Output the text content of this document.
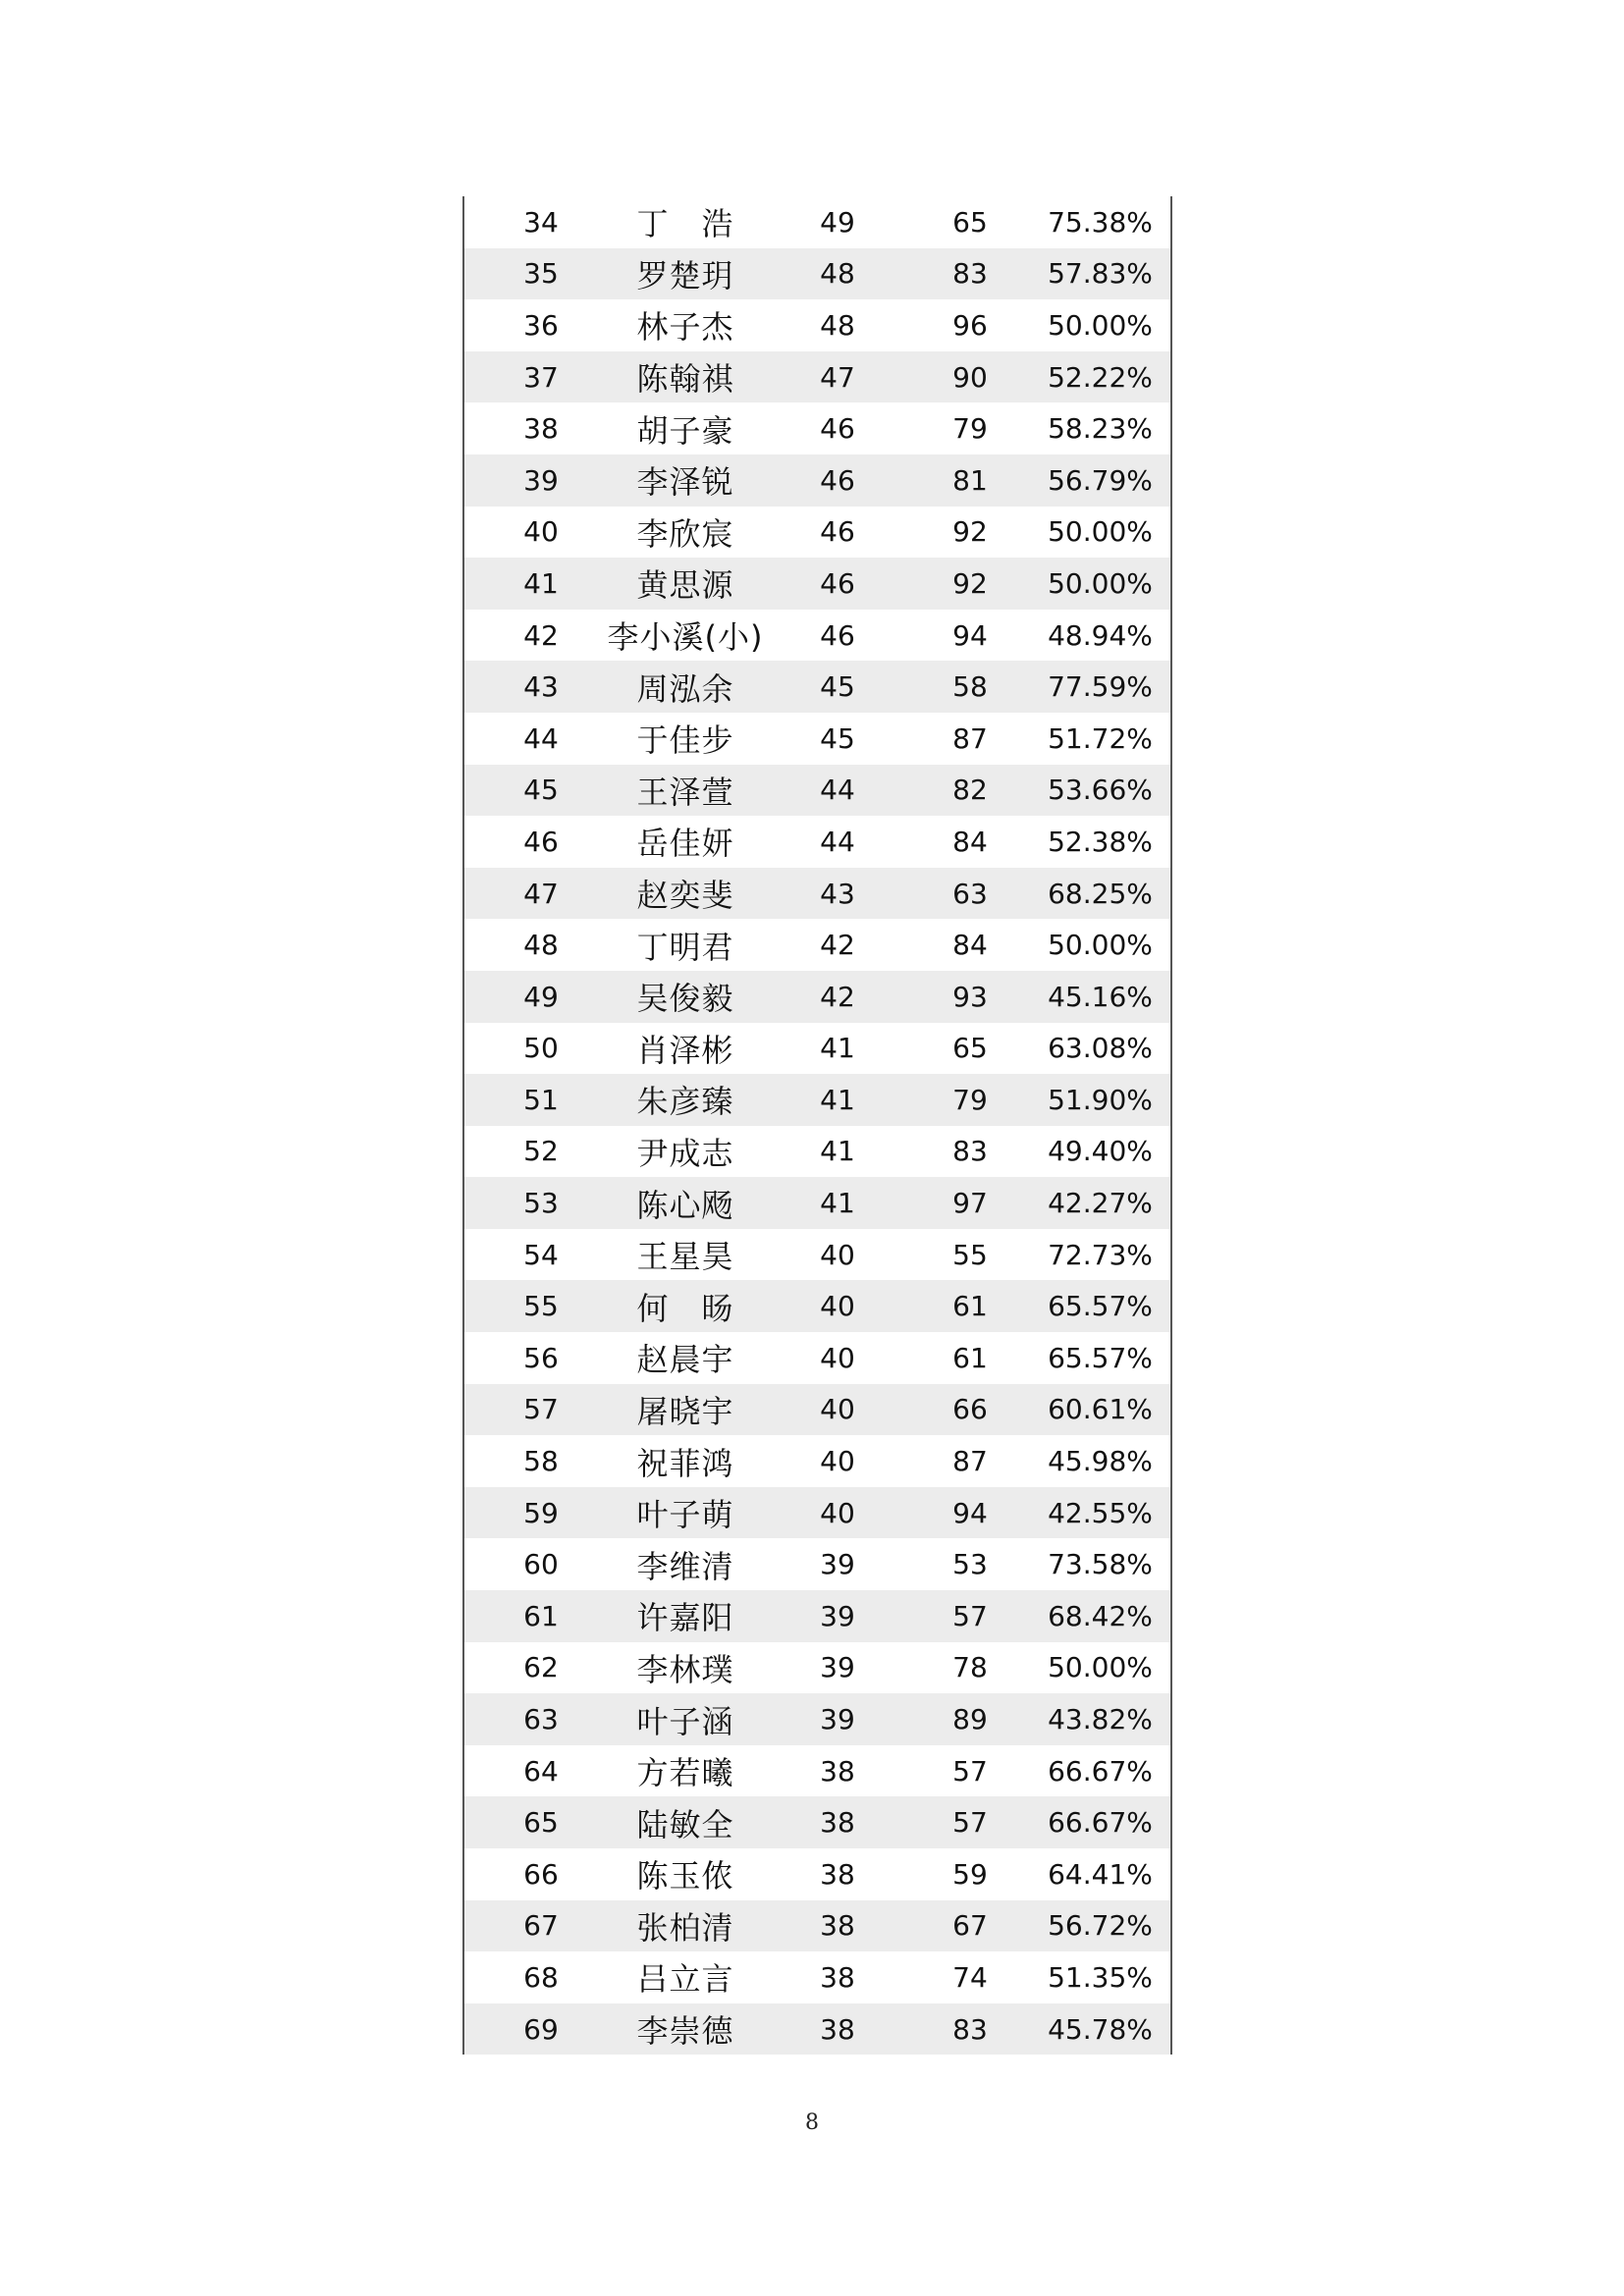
34	丁　浩	49	65	75.38%
35	罗楚玥	48	83	57.83%
36	林子杰	48	96	50.00%
37	陈翰祺	47	90	52.22%
38	胡子豪	46	79	58.23%
39	李泽锐	46	81	56.79%
40	李欣宸	46	92	50.00%
41	黄思源	46	92	50.00%
42	李小溪(小)	46	94	48.94%
43	周泓余	45	58	77.59%
44	于佳步	45	87	51.72%
45	王泽萱	44	82	53.66%
46	岳佳妍	44	84	52.38%
47	赵奕斐	43	63	68.25%
48	丁明君	42	84	50.00%
49	吴俊毅	42	93	45.16%
50	肖泽彬	41	65	63.08%
51	朱彦臻	41	79	51.90%
52	尹成志	41	83	49.40%
53	陈心飏	41	97	42.27%
54	王星昊	40	55	72.73%
55	何　旸	40	61	65.57%
56	赵晨宇	40	61	65.57%
57	屠晓宇	40	66	60.61%
58	祝菲鸿	40	87	45.98%
59	叶子萌	40	94	42.55%
60	李维清	39	53	73.58%
61	许嘉阳	39	57	68.42%
62	李林璞	39	78	50.00%
63	叶子涵	39	89	43.82%
64	方若曦	38	57	66.67%
65	陆敏全	38	57	66.67%
66	陈玉侬	38	59	64.41%
67	张柏清	38	67	56.72%
68	吕立言	38	74	51.35%
69	李崇德	38	83	45.78%
8
